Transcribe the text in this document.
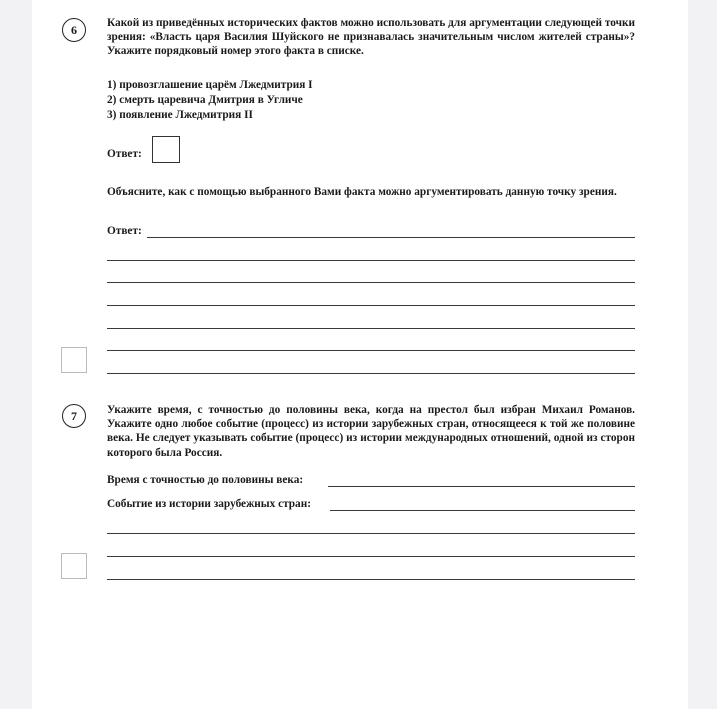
6	Какой из приведённых исторических фактов можно использовать для аргументации следующей точки зрения: «Власть царя Василия Шуйского не признавалась значительным числом жителей страны»? Укажите порядковый номер этого факта в списке.

1) провозглашение царём Лжедмитрия I
2) смерть царевича Дмитрия в Угличе
3) появление Лжедмитрия II
Ответ:

Объясните, как с помощью выбранного Вами факта можно аргументировать данную точку зрения.

Ответ:
7	Укажите время, с точностью до половины века, когда на престол был избран Михаил Романов. Укажите одно любое событие (процесс) из истории зарубежных стран, относящееся к той же половине века. Не следует указывать событие (процесс) из истории международных отношений, одной из сторон которого была Россия.

Время с точностью до половины века:
Событие из истории зарубежных стран:
